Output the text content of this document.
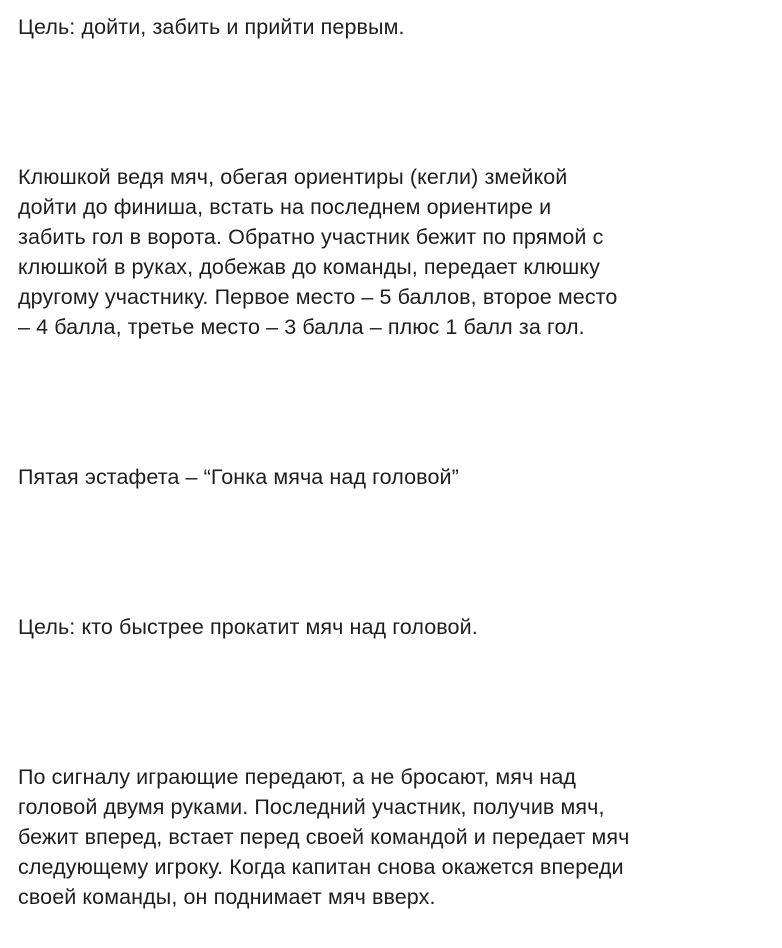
Цель: дойти, забить и прийти первым.

Клюшкой ведя мяч, обегая ориентиры (кегли) змейкой
дойти до финиша, встать на последнем ориентире и
забить гол в ворота. Обратно участник бежит по прямой с
клюшкой в руках, добежав до команды, передает клюшку
другому участнику. Первое место – 5 баллов, второе место
– 4 балла, третье место – 3 балла – плюс 1 балл за гол.

Пятая эстафета – “Гонка мяча над головой”

Цель: кто быстрее прокатит мяч над головой.

По сигналу играющие передают, а не бросают, мяч над
головой двумя руками. Последний участник, получив мяч,
бежит вперед, встает перед своей командой и передает мяч
следующему игроку. Когда капитан снова окажется впереди
своей команды, он поднимает мяч вверх.
